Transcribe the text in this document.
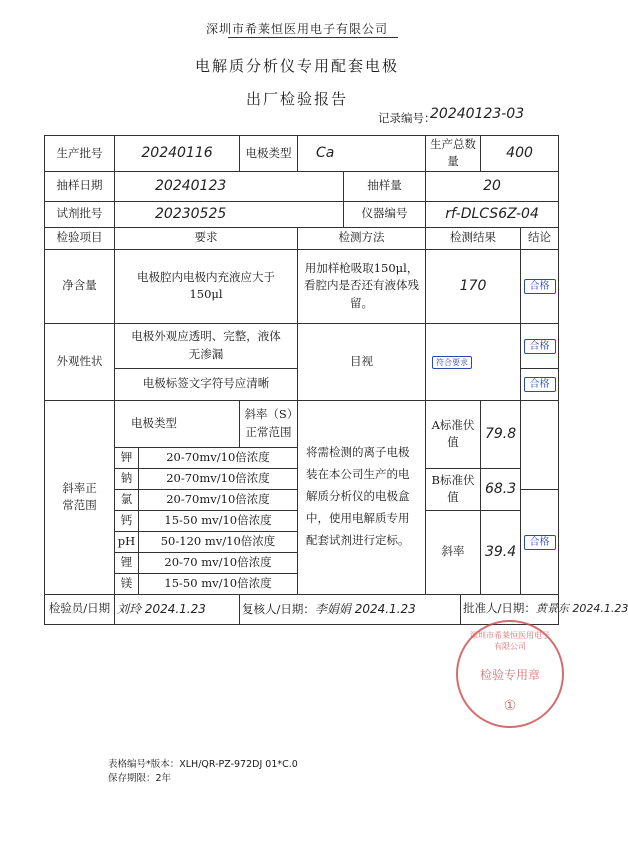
深圳市希莱恒医用电子有限公司
电解质分析仪专用配套电极
出厂检验报告
记录编号：
20240123-03
生产批号	20240116		电极类型	Ca		生产总数量		400	
抽样日期	20240123				抽样量	20			
试剂批号	20230525				仪器编号	rf-DLCS6Z-04			
检验项目	要求			检测方法		检测结果			结论
净含量	电极腔内电极内充液应大于150μl			用加样枪吸取150μl，看腔内是否还有液体残留。		170			合格
外观性状	电极外观应透明、完整，液体无渗漏			目视		符合要求			合格
	电极标签文字符号应清晰								合格
斜率正常范围	电极类型		斜率（S）正常范围	将需检测的离子电极装在本公司生产的电解质分析仪的电极盒中，使用电解质专用配套试剂进行定标。		A标准伏值		79.8	
	钾	20-70mv/10倍浓度							
	钠	20-70mv/10倍浓度				B标准伏值		68.3	
	氯	20-70mv/10倍浓度							合格
	钙	15-50 mv/10倍浓度				斜率		39.4	
	pH	50-120 mv/10倍浓度							
	锂	20-70 mv/10倍浓度							
	镁	15-50 mv/10倍浓度							
检验员/日期	刘玲 2024.1.23		复核人/日期：李娟娟 2024.1.23				批准人/日期：黄景东 2024.1.23		
深圳市希莱恒医用电子有限公司
检验专用章
①
表格编号*版本：XLH/QR-PZ-972DJ 01*C.0
保存期限：2年
